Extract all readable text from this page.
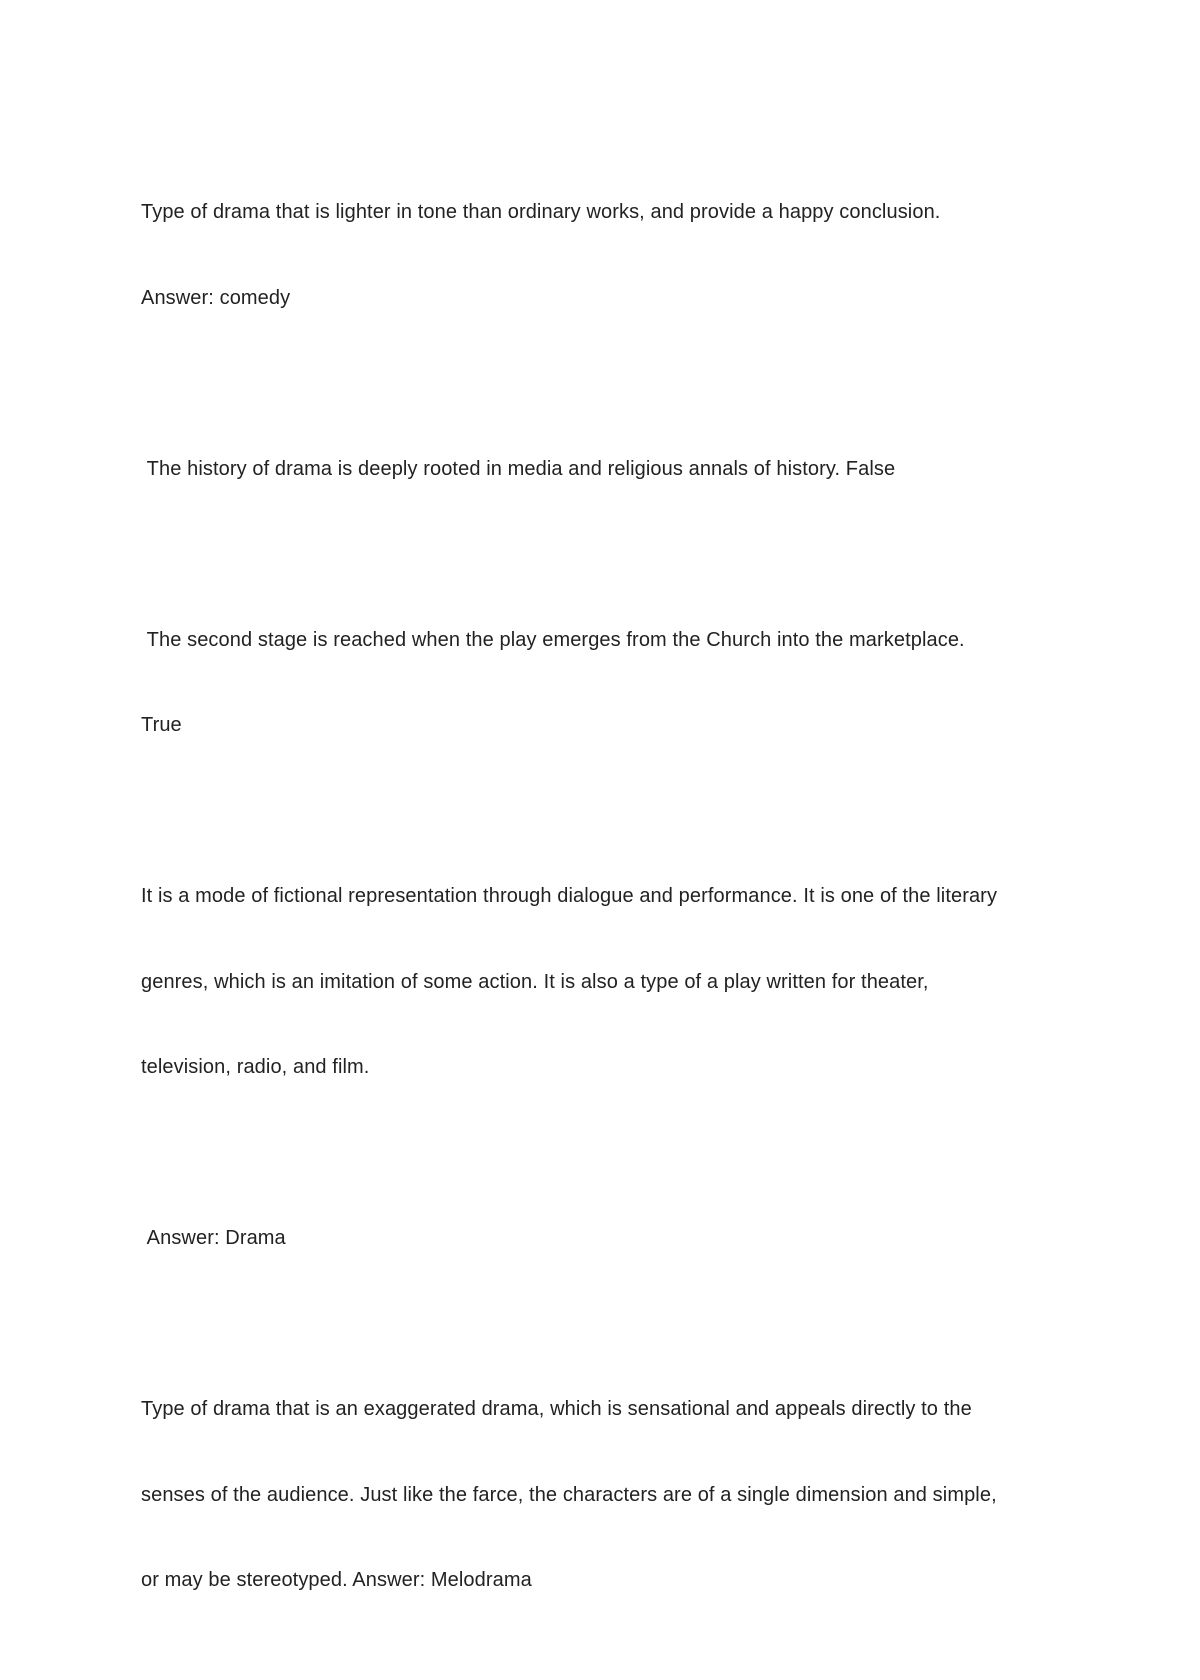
Type of drama that is lighter in tone than ordinary works, and provide a happy conclusion.

Answer: comedy

The history of drama is deeply rooted in media and religious annals of history. False

The second stage is reached when the play emerges from the Church into the marketplace.

True

It is a mode of fictional representation through dialogue and performance. It is one of the literary

genres, which is an imitation of some action. It is also a type of a play written for theater,

television, radio, and film.

Answer: Drama

Type of drama that is an exaggerated drama, which is sensational and appeals directly to the

senses of the audience. Just like the farce, the characters are of a single dimension and simple,

or may be stereotyped. Answer: Melodrama
